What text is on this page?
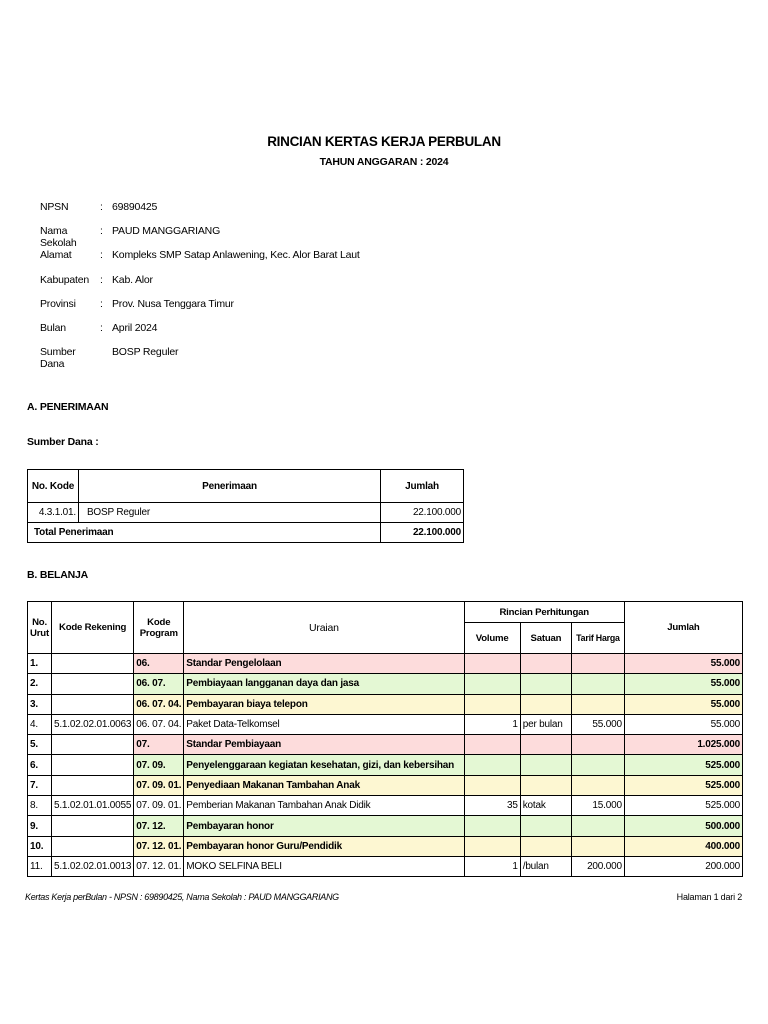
RINCIAN KERTAS KERJA PERBULAN
TAHUN ANGGARAN : 2024
NPSN	: 69890425
Nama Sekolah
: PAUD MANGGARIANG
Alamat	: Kompleks SMP Satap Anlawening, Kec. Alor Barat Laut
Kabupaten	: Kab. Alor
Provinsi	: Prov. Nusa Tenggara Timur
Bulan	: April 2024
Sumber Dana
BOSP Reguler
A. PENERIMAAN
Sumber Dana :
No. Kode	Penerimaan	Jumlah
4.3.1.01.	BOSP Reguler	22.100.000
Total Penerimaan		22.100.000
B. BELANJA
No. Urut	Kode Rekening	Kode Program	Uraian	Rincian Perhitungan			Jumlah
				Volume	Satuan	Tarif Harga	
1.		06.	Standar Pengelolaan				55.000
2.		06. 07.	Pembiayaan langganan daya dan jasa				55.000
3.		06. 07. 04.	Pembayaran biaya telepon				55.000
4.	5.1.02.02.01.0063	06. 07. 04.	Paket Data-Telkomsel	1	per bulan	55.000	55.000
5.		07.	Standar Pembiayaan				1.025.000
6.		07. 09.	Penyelenggaraan kegiatan kesehatan, gizi, dan kebersihan				525.000
7.		07. 09. 01.	Penyediaan Makanan Tambahan Anak				525.000
8.	5.1.02.01.01.0055	07. 09. 01.	Pemberian Makanan Tambahan Anak Didik	35	kotak	15.000	525.000
9.		07. 12.	Pembayaran honor				500.000
10.		07. 12. 01.	Pembayaran honor Guru/Pendidik				400.000
11.	5.1.02.02.01.0013	07. 12. 01.	MOKO SELFINA BELI	1	/bulan	200.000	200.000
Kertas Kerja perBulan - NPSN : 69890425, Nama Sekolah : PAUD MANGGARIANG	Halaman 1 dari 2
